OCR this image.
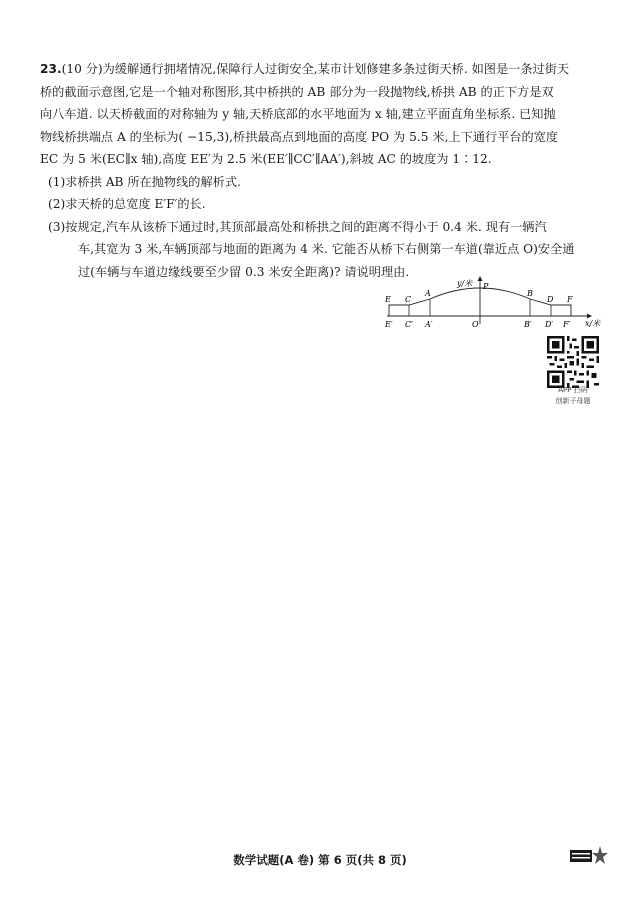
23.(10 分)为缓解通行拥堵情况,保障行人过街安全,某市计划修建多条过街天桥. 如图是一条过街天

桥的截面示意图,它是一个轴对称图形,其中桥拱的 AB 部分为一段抛物线,桥拱 AB 的正下方是双

向八车道. 以天桥截面的对称轴为 y 轴,天桥底部的水平地面为 x 轴,建立平面直角坐标系. 已知抛

物线桥拱端点 A 的坐标为( −15,3),桥拱最高点到地面的高度 PO 为 5.5 米,上下通行平台的宽度

EC 为 5 米(EC∥x 轴),高度 EE′为 2.5 米(EE′∥CC′∥AA′),斜坡 AC 的坡度为 1∶12.

(1)求桥拱 AB 所在抛物线的解析式.

(2)求天桥的总宽度 E′F′的长.

(3)按规定,汽车从该桥下通过时,其顶部最高处和桥拱之间的距离不得小于 0.4 米. 现有一辆汽

车,其宽为 3 米,车辆顶部与地面的距离为 4 米. 它能否从桥下右侧第一车道(靠近点 O)安全通

过(车辆与车道边缘线要至少留 0.3 米安全距离)? 请说明理由.

E C
A
P
B
D F
E′ C′ A′	O	B′ D′ F′
y/米
x/米
APP 扫码
创新子母题
数学试题(A 卷) 第 6 页(共 8 页)
